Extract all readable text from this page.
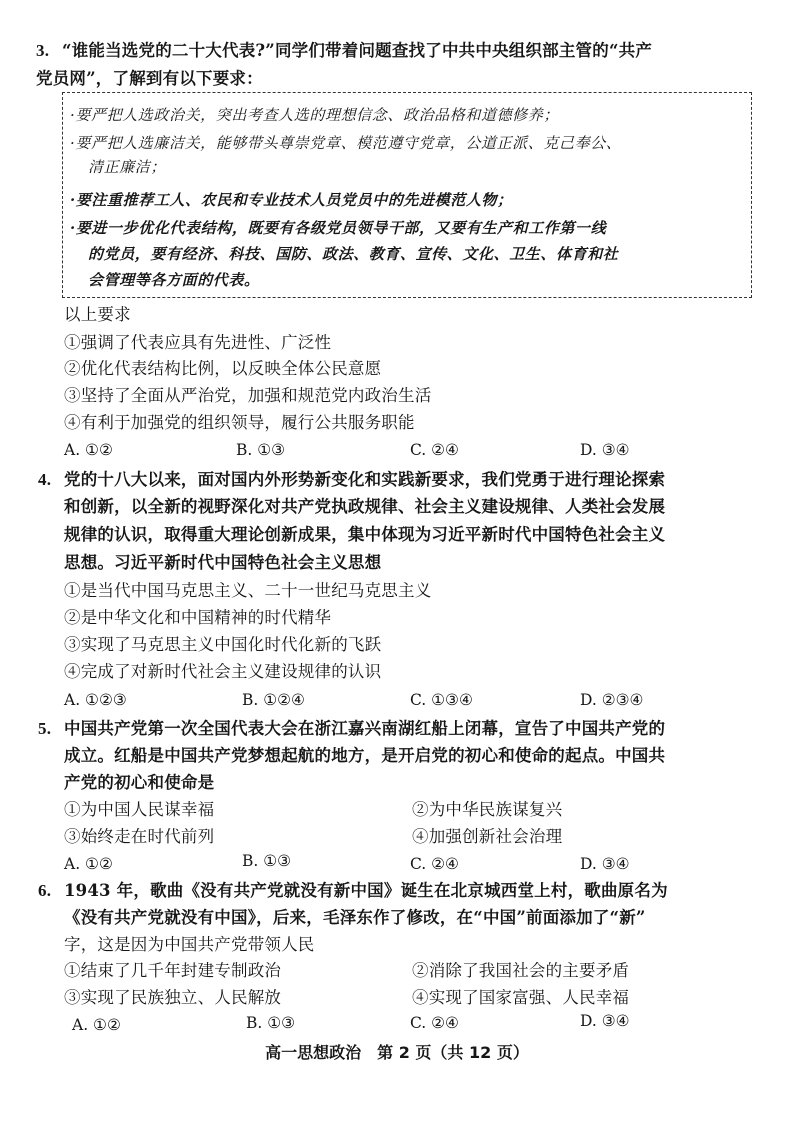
3. “谁能当选党的二十大代表?”同学们带着问题查找了中共中央组织部主管的“共产
党员网”，了解到有以下要求：
·要严把人选政治关，突出考查人选的理想信念、政治品格和道德修养；
·要严把人选廉洁关，能够带头尊崇党章、模范遵守党章，公道正派、克己奉公、
清正廉洁；
·要注重推荐工人、农民和专业技术人员党员中的先进模范人物；
·要进一步优化代表结构，既要有各级党员领导干部，又要有生产和工作第一线
的党员，要有经济、科技、国防、政法、教育、宣传、文化、卫生、体育和社
会管理等各方面的代表。
以上要求
①强调了代表应具有先进性、广泛性
②优化代表结构比例，以反映全体公民意愿
③坚持了全面从严治党，加强和规范党内政治生活
④有利于加强党的组织领导，履行公共服务职能
A. ①②	B. ①③	C. ②④	D. ③④
4. 党的十八大以来，面对国内外形势新变化和实践新要求，我们党勇于进行理论探索
和创新，以全新的视野深化对共产党执政规律、社会主义建设规律、人类社会发展
规律的认识，取得重大理论创新成果，集中体现为习近平新时代中国特色社会主义
思想。习近平新时代中国特色社会主义思想
①是当代中国马克思主义、二十一世纪马克思主义
②是中华文化和中国精神的时代精华
③实现了马克思主义中国化时代化新的飞跃
④完成了对新时代社会主义建设规律的认识
A. ①②③	B. ①②④	C. ①③④	D. ②③④
5. 中国共产党第一次全国代表大会在浙江嘉兴南湖红船上闭幕，宣告了中国共产党的
成立。红船是中国共产党梦想起航的地方，是开启党的初心和使命的起点。中国共
产党的初心和使命是
①为中国人民谋幸福	②为中华民族谋复兴
③始终走在时代前列	④加强创新社会治理
A. ①②	B. ①③	C. ②④	D. ③④
6. 1943 年，歌曲《没有共产党就没有新中国》诞生在北京城西堂上村，歌曲原名为
《没有共产党就没有中国》，后来，毛泽东作了修改，在“中国”前面添加了“新”
字，这是因为中国共产党带领人民
①结束了几千年封建专制政治	②消除了我国社会的主要矛盾
③实现了民族独立、人民解放	④实现了国家富强、人民幸福
A. ①②	B. ①③	C. ②④	D. ③④
高一思想政治　第 2 页（共 12 页）
